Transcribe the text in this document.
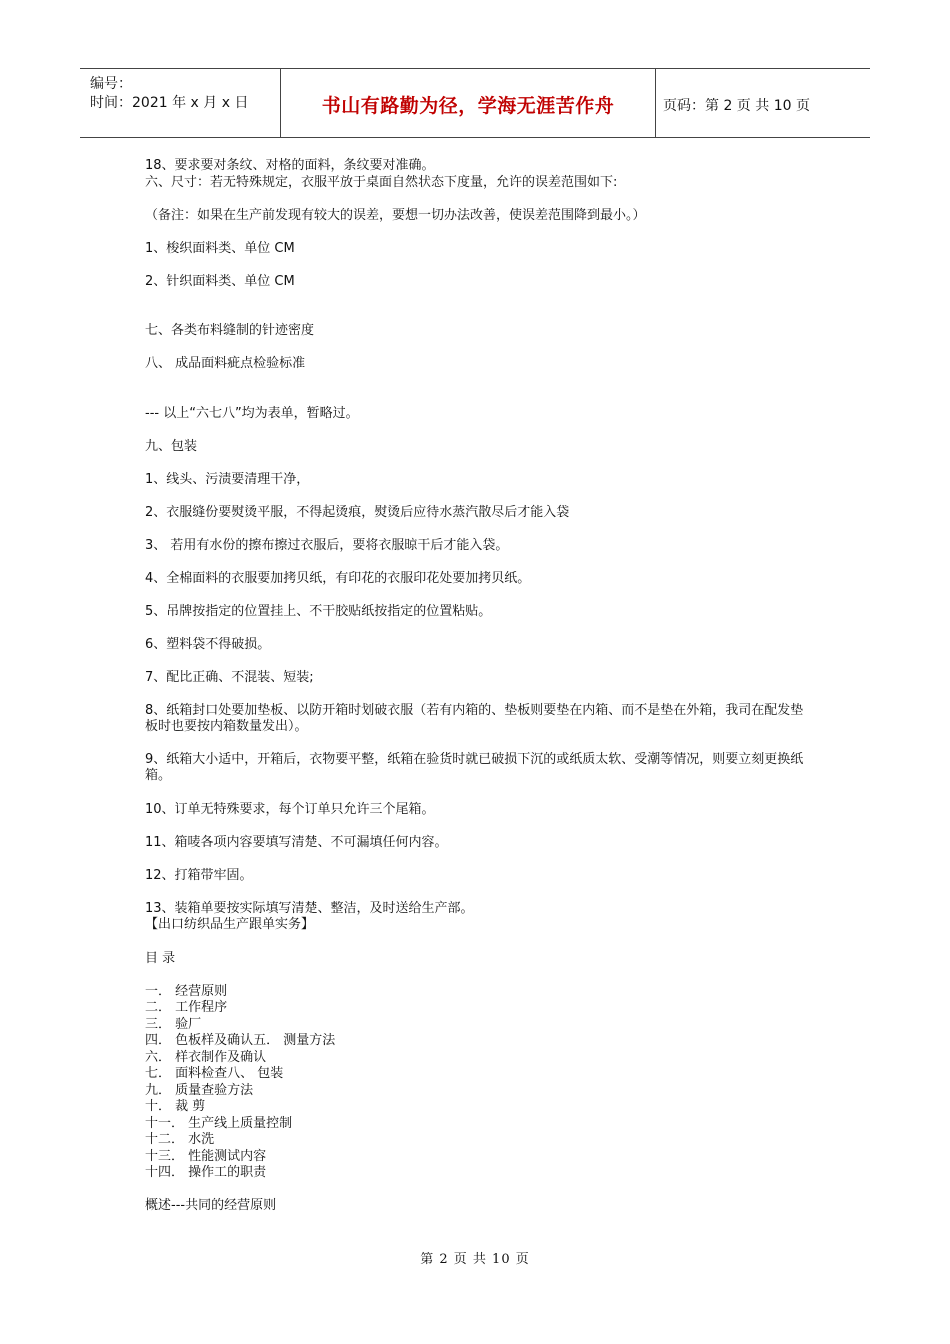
编号：
时间：2021 年 x 月 x 日	书山有路勤为径，学海无涯苦作舟	页码：第 2 页 共 10 页
18、要求要对条纹、对格的面料，条纹要对准确。
六、尺寸：若无特殊规定，衣服平放于桌面自然状态下度量，允许的误差范围如下:
（备注：如果在生产前发现有较大的误差，要想一切办法改善，使误差范围降到最小。）
1、梭织面料类、单位 CM
2、针织面料类、单位 CM
七、各类布料缝制的针迹密度
八、 成品面料疵点检验标准
--- 以上“六七八”均为表单，暂略过。
九、包装
1、线头、污渍要清理干净，
2、衣服缝份要熨烫平服，不得起烫痕，熨烫后应待水蒸汽散尽后才能入袋
3、 若用有水份的擦布擦过衣服后，要将衣服晾干后才能入袋。
4、全棉面料的衣服要加拷贝纸，有印花的衣服印花处要加拷贝纸。
5、吊牌按指定的位置挂上、不干胶贴纸按指定的位置粘贴。
6、塑料袋不得破损。
7、配比正确、不混装、短装;
8、纸箱封口处要加垫板、以防开箱时划破衣服（若有内箱的、垫板则要垫在内箱、而不是垫在外箱，我司在配发垫板时也要按内箱数量发出）。
9、纸箱大小适中，开箱后，衣物要平整，纸箱在验货时就已破损下沉的或纸质太软、受潮等情况，则要立刻更换纸箱。
10、订单无特殊要求，每个订单只允许三个尾箱。
11、箱唛各项内容要填写清楚、不可漏填任何内容。
12、打箱带牢固。
13、装箱单要按实际填写清楚、整洁，及时送给生产部。
【出口纺织品生产跟单实务】
目 录
一． 经营原则
二． 工作程序
三． 验厂
四． 色板样及确认五． 测量方法
六． 样衣制作及确认
七． 面料检查八、 包装
九． 质量查验方法
十． 裁 剪
十一． 生产线上质量控制
十二． 水洗
十三． 性能测试内容
十四． 操作工的职责
概述---共同的经营原则
第 2 页 共 10 页
